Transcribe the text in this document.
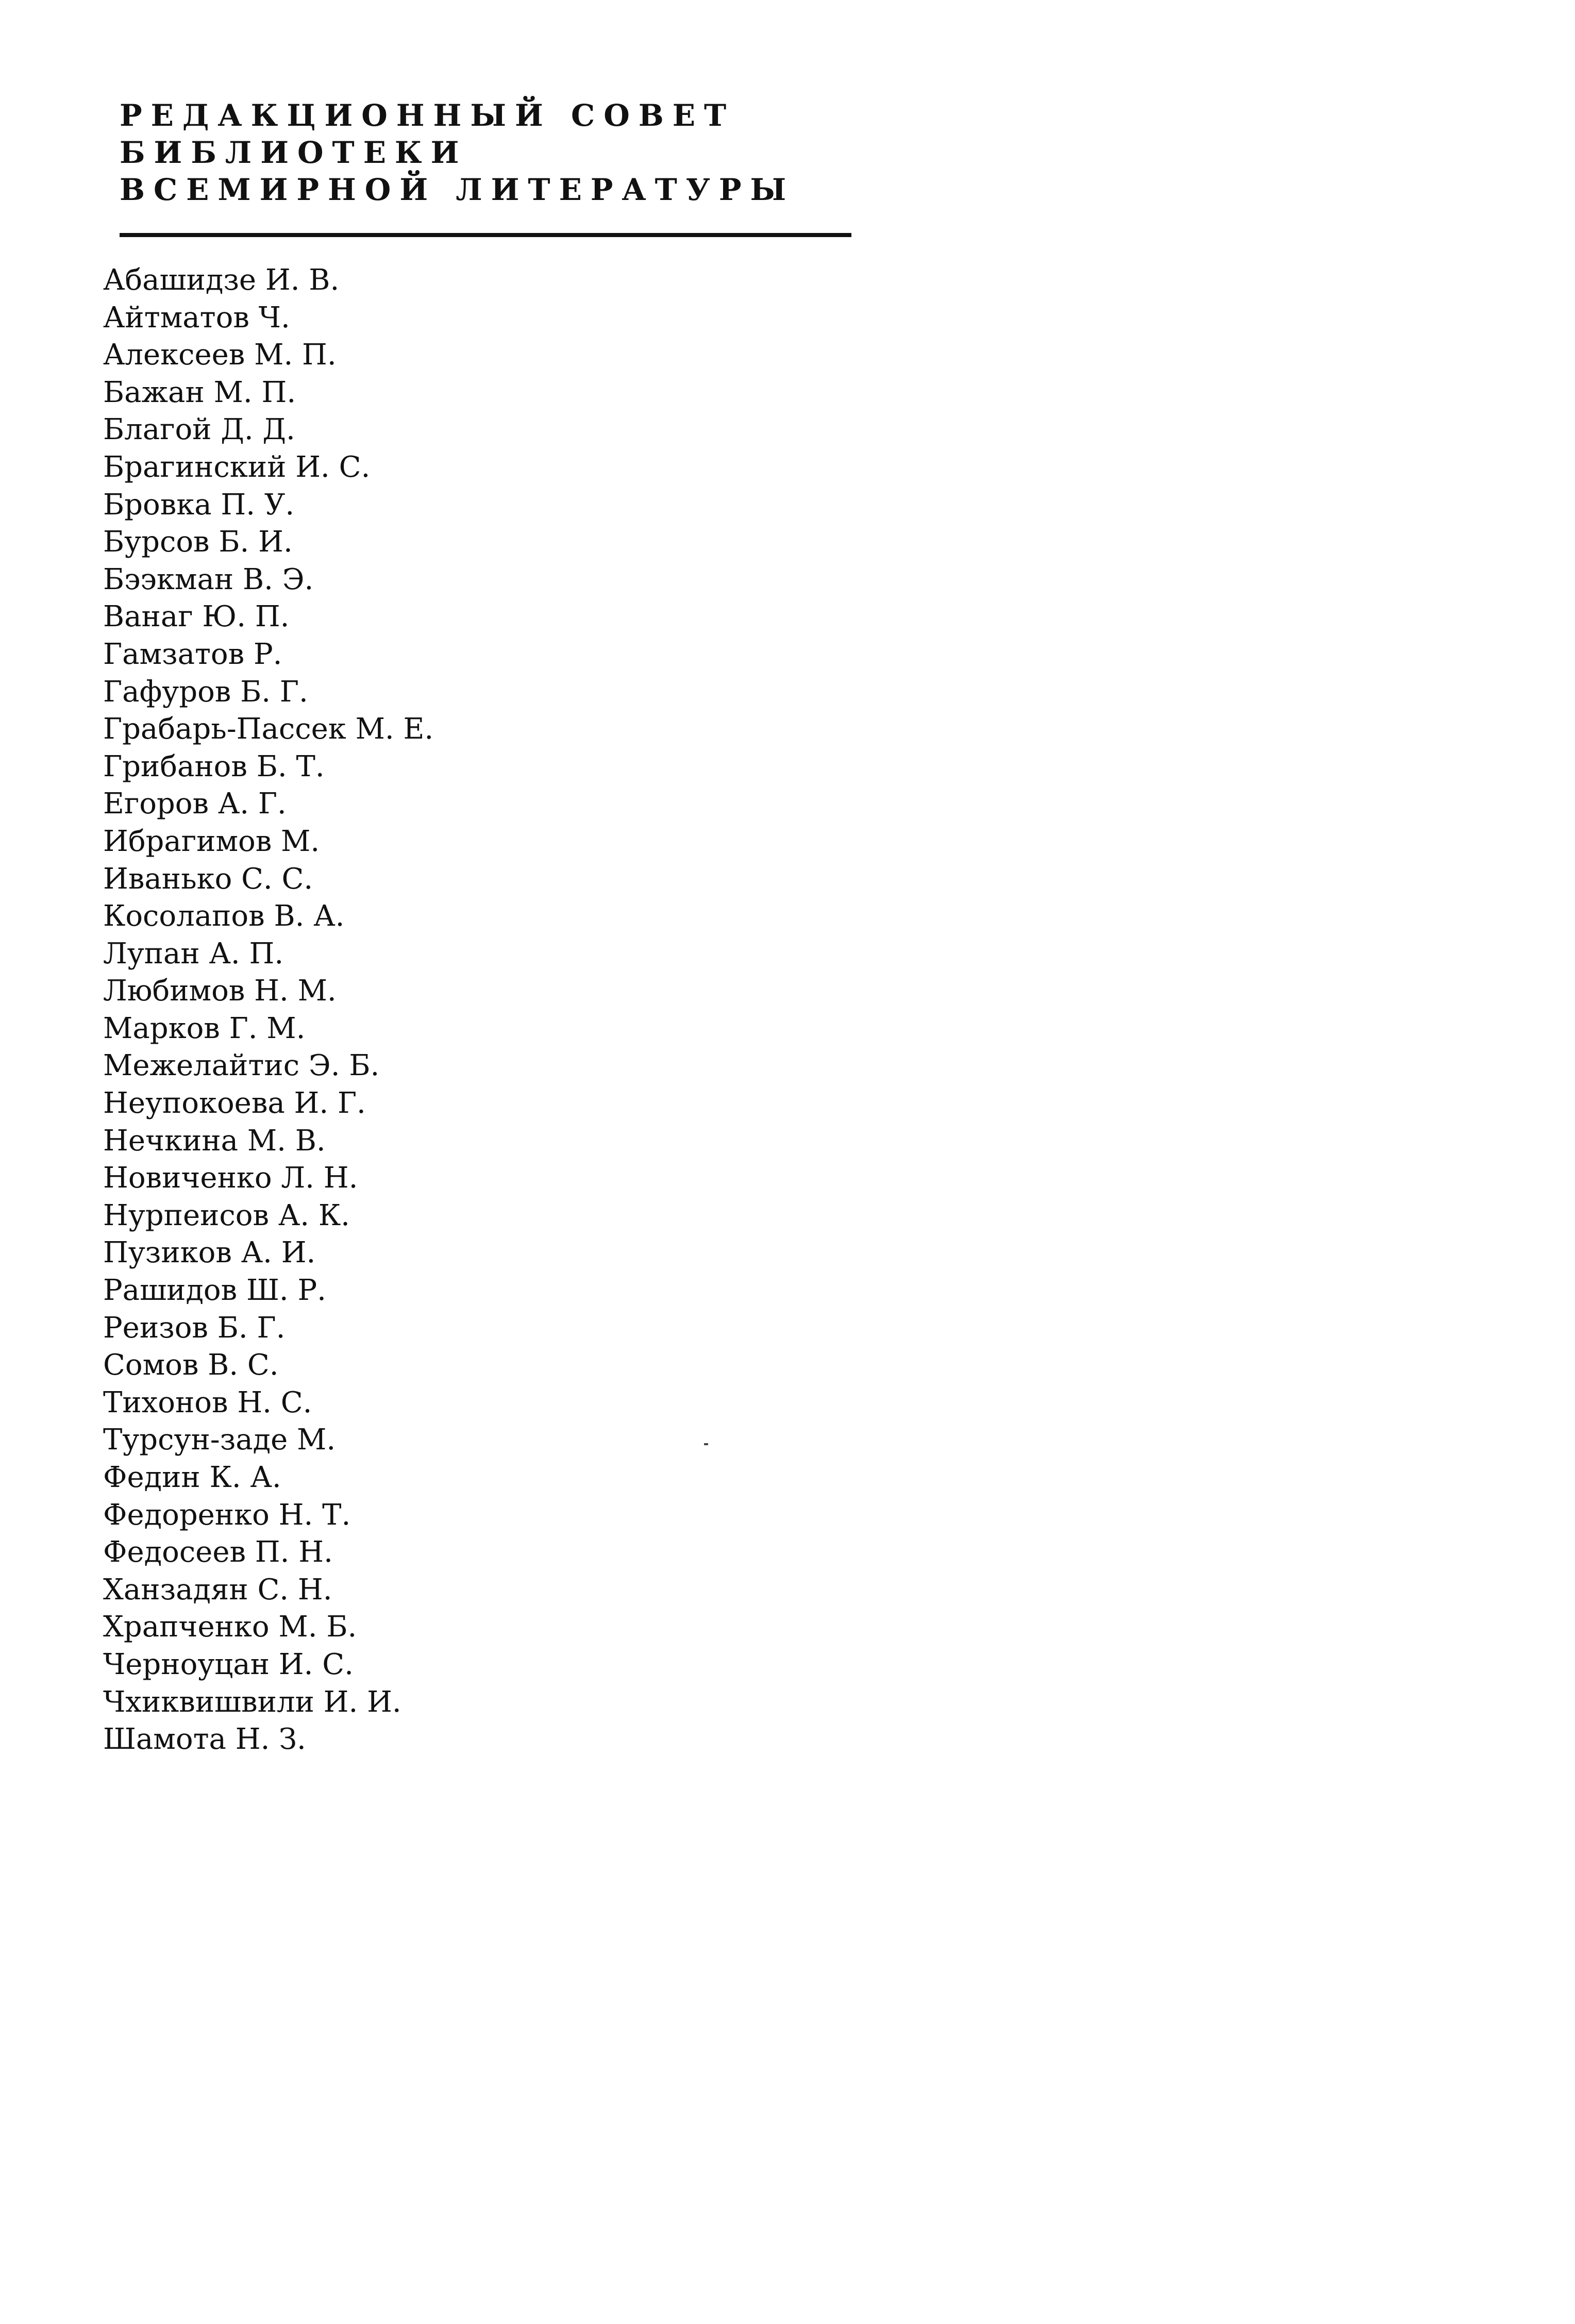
РЕДАКЦИОННЫЙ СОВЕТ
БИБЛИОТЕКИ
ВСЕМИРНОЙ ЛИТЕРАТУРЫ
Абашидзе И. В.
Айтматов Ч.
Алексеев М. П.
Бажан М. П.
Благой Д. Д.
Брагинский И. С.
Бровка П. У.
Бурсов Б. И.
Бээкман В. Э.
Ванаг Ю. П.
Гамзатов Р.
Гафуров Б. Г.
Грабарь-Пассек М. Е.
Грибанов Б. Т.
Егоров А. Г.
Ибрагимов М.
Иванько С. С.
Косолапов В. А.
Лупан А. П.
Любимов Н. М.
Марков Г. М.
Межелайтис Э. Б.
Неупокоева И. Г.
Нечкина М. В.
Новиченко Л. Н.
Нурпеисов А. К.
Пузиков А. И.
Рашидов Ш. Р.
Реизов Б. Г.
Сомов В. С.
Тихонов Н. С.
Турсун-заде М.
Федин К. А.
Федоренко Н. Т.
Федосеев П. Н.
Ханзадян С. Н.
Храпченко М. Б.
Черноуцан И. С.
Чхиквишвили И. И.
Шамота Н. З.
